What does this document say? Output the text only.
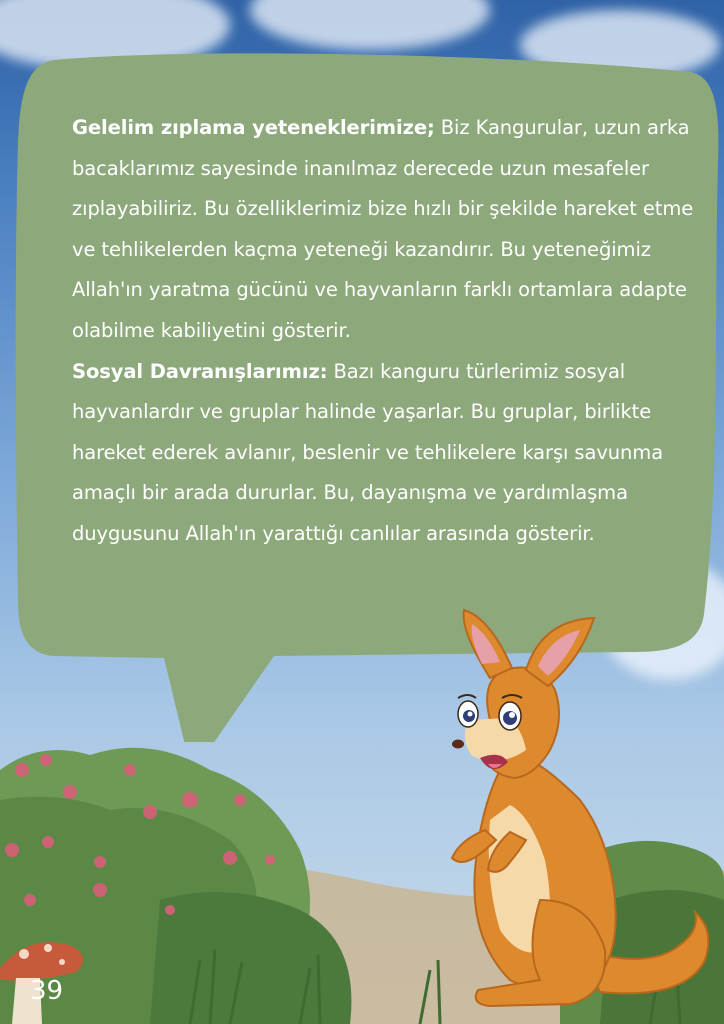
Gelelim zıplama yeteneklerimize; Biz Kangurular, uzun arka bacaklarımız sayesinde inanılmaz derecede uzun mesafeler zıplayabiliriz. Bu özelliklerimiz bize hızlı bir şekilde hareket etme ve tehlikelerden kaçma yeteneği kazandırır. Bu yeteneğimiz Allah'ın yaratma gücünü ve hayvanların farklı ortamlara adapte olabilme kabiliyetini gösterir.

Sosyal Davranışlarımız: Bazı kanguru türlerimiz sosyal hayvanlardır ve gruplar halinde yaşarlar. Bu gruplar, birlikte hareket ederek avlanır, beslenir ve tehlikelere karşı savunma amaçlı bir arada dururlar. Bu, dayanışma ve yardımlaşma duygusunu Allah'ın yarattığı canlılar arasında gösterir.

39
